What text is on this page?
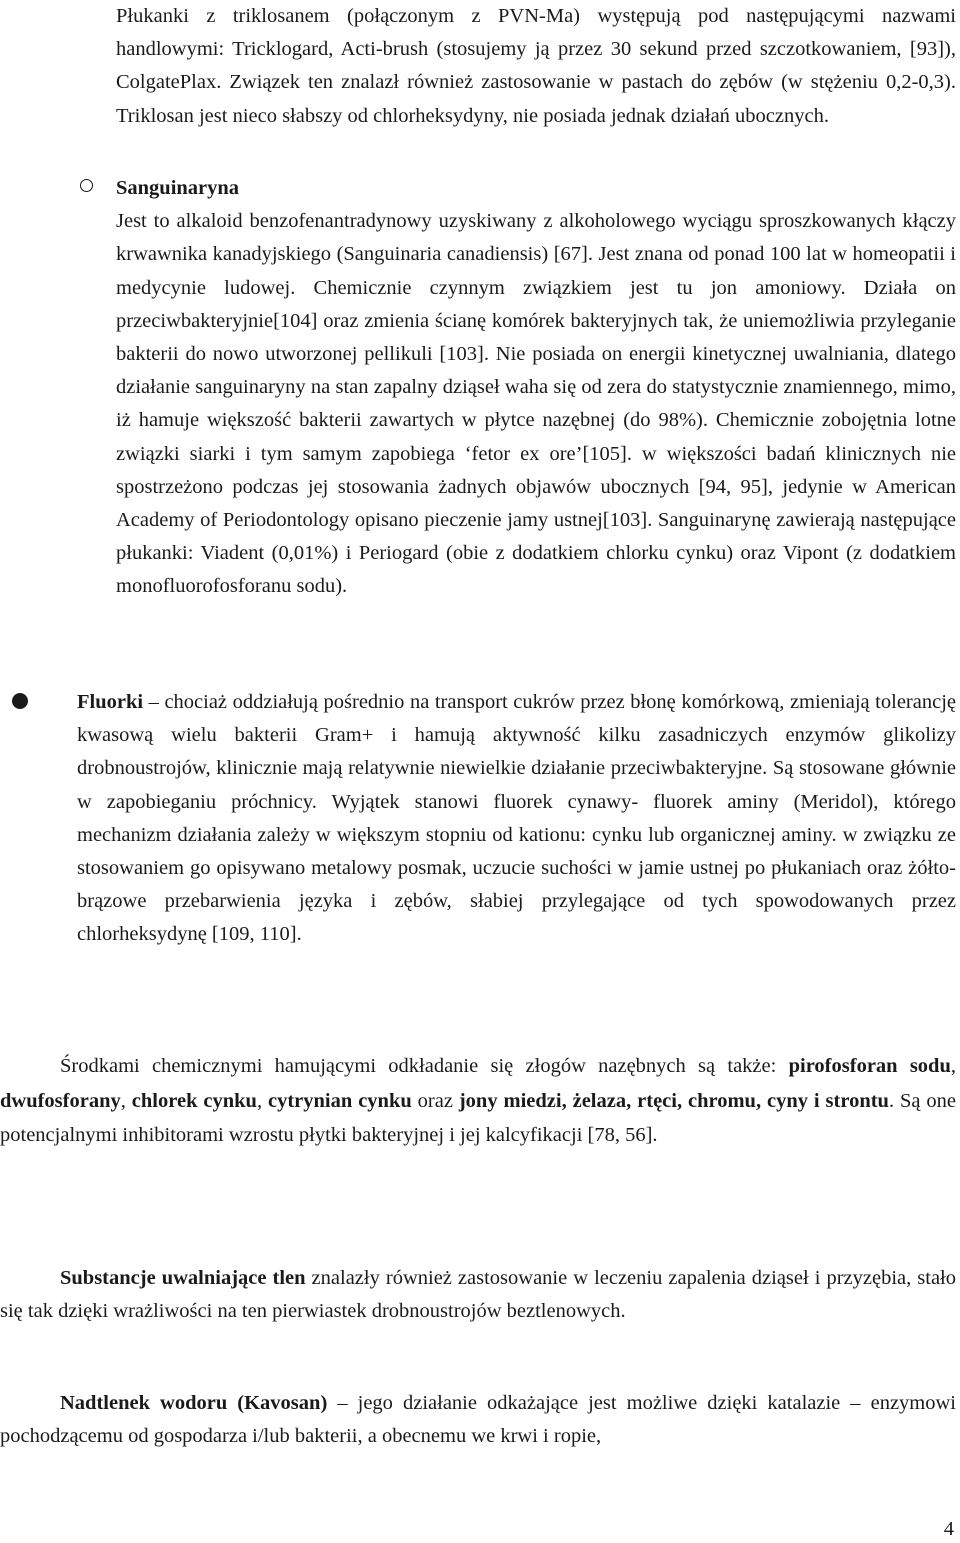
Płukanki z triklosanem (połączonym z PVN-Ma) występują pod następującymi nazwami handlowymi: Tricklogard, Acti-brush (stosujemy ją przez 30 sekund przed szczotkowaniem, [93]), ColgatePlax. Związek ten znalazł również zastosowanie w pastach do zębów (w stężeniu 0,2-0,3). Triklosan jest nieco słabszy od chlorheksydyny, nie posiada jednak działań ubocznych.

Sanguinaryna

Jest to alkaloid benzofenantradynowy uzyskiwany z alkoholowego wyciągu sproszkowanych kłączy krwawnika kanadyjskiego (Sanguinaria canadiensis) [67]. Jest znana od ponad 100 lat w homeopatii i medycynie ludowej. Chemicznie czynnym związkiem jest tu jon amoniowy. Działa on przeciwbakteryjnie[104] oraz zmienia ścianę komórek bakteryjnych tak, że uniemożliwia przyleganie bakterii do nowo utworzonej pellikuli [103]. Nie posiada on energii kinetycznej uwalniania, dlatego działanie sanguinaryny na stan zapalny dziąseł waha się od zera do statystycznie znamiennego, mimo, iż hamuje większość bakterii zawartych w płytce nazębnej (do 98%). Chemicznie zobojętnia lotne związki siarki i tym samym zapobiega ‘fetor ex ore’[105]. w większości badań klinicznych nie spostrzeżono podczas jej stosowania żadnych objawów ubocznych [94, 95], jedynie w American Academy of Periodontology opisano pieczenie jamy ustnej[103]. Sanguinarynę zawierają następujące płukanki: Viadent (0,01%) i Periogard (obie z dodatkiem chlorku cynku) oraz Vipont (z dodatkiem monofluorofosforanu sodu).

Fluorki – chociaż oddziałują pośrednio na transport cukrów przez błonę komórkową, zmieniają tolerancję kwasową wielu bakterii Gram+ i hamują aktywność kilku zasadniczych enzymów glikolizy drobnoustrojów, klinicznie mają relatywnie niewielkie działanie przeciwbakteryjne. Są stosowane głównie w zapobieganiu próchnicy. Wyjątek stanowi fluorek cynawy- fluorek aminy (Meridol), którego mechanizm działania zależy w większym stopniu od kationu: cynku lub organicznej aminy. w związku ze stosowaniem go opisywano metalowy posmak, uczucie suchości w jamie ustnej po płukaniach oraz żółto-brązowe przebarwienia języka i zębów, słabiej przylegające od tych spowodowanych przez chlorheksydynę [109, 110].

Środkami chemicznymi hamującymi odkładanie się złogów nazębnych są także: pirofosforan sodu, dwufosforany, chlorek cynku, cytrynian cynku oraz jony miedzi, żelaza, rtęci, chromu, cyny i strontu. Są one potencjalnymi inhibitorami wzrostu płytki bakteryjnej i jej kalcyfikacji [78, 56].

Substancje uwalniające tlen znalazły również zastosowanie w leczeniu zapalenia dziąseł i przyzębia, stało się tak dzięki wrażliwości na ten pierwiastek drobnoustrojów beztlenowych.

Nadtlenek wodoru (Kavosan) – jego działanie odkażające jest możliwe dzięki katalazie – enzymowi pochodzącemu od gospodarza i/lub bakterii, a obecnemu we krwi i ropie,

4
